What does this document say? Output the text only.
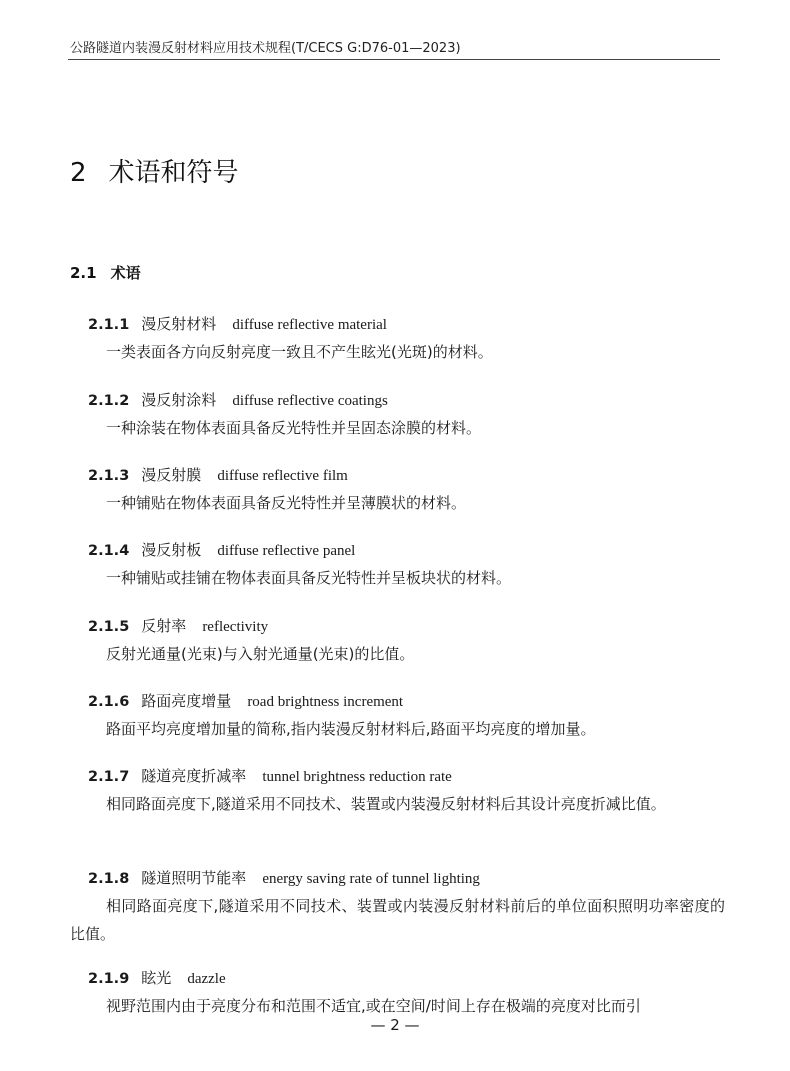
公路隧道内装漫反射材料应用技术规程(T/CECS G:D76-01—2023)
2 术语和符号
2.1 术语
2.1.1 漫反射材料 diffuse reflective material
一类表面各方向反射亮度一致且不产生眩光(光斑)的材料。
2.1.2 漫反射涂料 diffuse reflective coatings
一种涂装在物体表面具备反光特性并呈固态涂膜的材料。
2.1.3 漫反射膜 diffuse reflective film
一种铺贴在物体表面具备反光特性并呈薄膜状的材料。
2.1.4 漫反射板 diffuse reflective panel
一种铺贴或挂铺在物体表面具备反光特性并呈板块状的材料。
2.1.5 反射率 reflectivity
反射光通量(光束)与入射光通量(光束)的比值。
2.1.6 路面亮度增量 road brightness increment
路面平均亮度增加量的简称,指内装漫反射材料后,路面平均亮度的增加量。
2.1.7 隧道亮度折减率 tunnel brightness reduction rate
相同路面亮度下,隧道采用不同技术、装置或内装漫反射材料后其设计亮度折减比值。
2.1.8 隧道照明节能率 energy saving rate of tunnel lighting
相同路面亮度下,隧道采用不同技术、装置或内装漫反射材料前后的单位面积照明功率密度的比值。
2.1.9 眩光 dazzle
视野范围内由于亮度分布和范围不适宜,或在空间/时间上存在极端的亮度对比而引
— 2 —
